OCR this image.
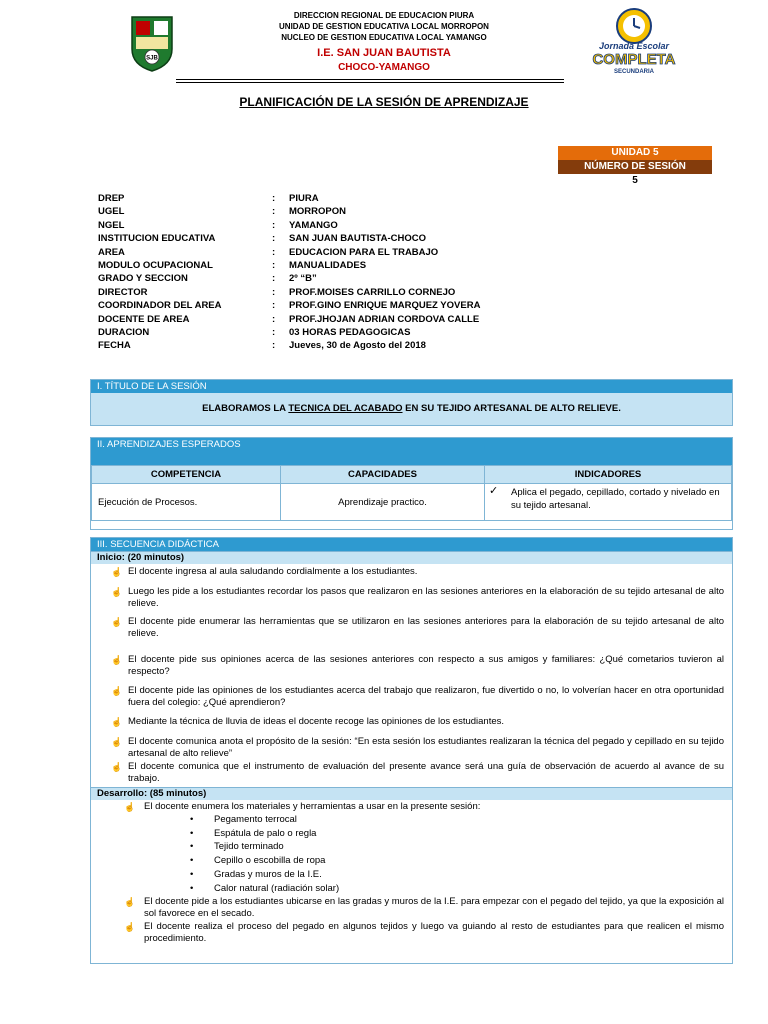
SJB
Jornada Escolar
COMPLETA
SECUNDARIA
DIRECCION REGIONAL DE EDUCACION PIURA
UNIDAD DE GESTION EDUCATIVA LOCAL MORROPON
NUCLEO DE GESTION EDUCATIVA LOCAL YAMANGO
I.E. SAN JUAN BAUTISTA
CHOCO-YAMANGO
PLANIFICACIÓN DE LA SESIÓN DE APRENDIZAJE
UNIDAD 5
NÚMERO DE SESIÓN
5
DREP	: PIURA
UGEL	: MORROPON
NGEL	: YAMANGO
INSTITUCION EDUCATIVA	: SAN JUAN BAUTISTA-CHOCO
AREA	: EDUCACION PARA EL TRABAJO
MODULO OCUPACIONAL	: MANUALIDADES
GRADO Y SECCION	: 2º “B”
DIRECTOR	: PROF.MOISES CARRILLO CORNEJO
COORDINADOR DEL AREA	: PROF.GINO ENRIQUE MARQUEZ YOVERA
DOCENTE DE AREA	: PROF.JHOJAN ADRIAN CORDOVA CALLE
DURACION	: 03 HORAS PEDAGOGICAS
FECHA	: Jueves, 30 de Agosto del 2018
I. TÍTULO DE LA SESIÓN
ELABORAMOS LA TECNICA DEL ACABADO EN SU TEJIDO ARTESANAL DE ALTO RELIEVE.
II. APRENDIZAJES ESPERADOS
COMPETENCIA	CAPACIDADES	INDICADORES
Ejecución de Procesos.	Aprendizaje practico.	✓ Aplica el pegado, cepillado, cortado y nivelado en su tejido artesanal.
III. SECUENCIA DIDÁCTICA
Inicio: (20 minutos)
☝ El docente ingresa al aula saludando cordialmente a los estudiantes.
☝ Luego les pide a los estudiantes recordar los pasos que realizaron en las sesiones anteriores en la elaboración de su tejido artesanal de alto relieve.
☝ El docente pide enumerar las herramientas que se utilizaron en las sesiones anteriores para la elaboración de su tejido artesanal de alto relieve.
☝ El docente pide sus opiniones acerca de las sesiones anteriores con respecto a sus amigos y familiares: ¿Qué cometarios tuvieron al respecto?
☝ El docente pide las opiniones de los estudiantes acerca del trabajo que realizaron, fue divertido o no, lo volverían hacer en otra oportunidad fuera del colegio: ¿Qué aprendieron?
☝ Mediante la técnica de lluvia de ideas el docente recoge las opiniones de los estudiantes.
☝ El docente comunica anota el propósito de la sesión: “En esta sesión los estudiantes realizaran la técnica del pegado y cepillado en su tejido artesanal de alto relieve”
☝ El docente comunica que el instrumento de evaluación del presente avance será una guía de observación de acuerdo al avance de su trabajo.
Desarrollo: (85 minutos)
☝ El docente enumera los materiales y herramientas a usar en la presente sesión:
• Pegamento terrocal
• Espátula de palo o regla
• Tejido terminado
• Cepillo o escobilla de ropa
• Gradas y muros de la I.E.
• Calor natural (radiación solar)
☝ El docente pide a los estudiantes ubicarse en las gradas y muros de la I.E. para empezar con el pegado del tejido, ya que la exposición al sol favorece en el secado.
☝ El docente realiza el proceso del pegado en algunos tejidos y luego va guiando al resto de estudiantes para que realicen el mismo procedimiento.
